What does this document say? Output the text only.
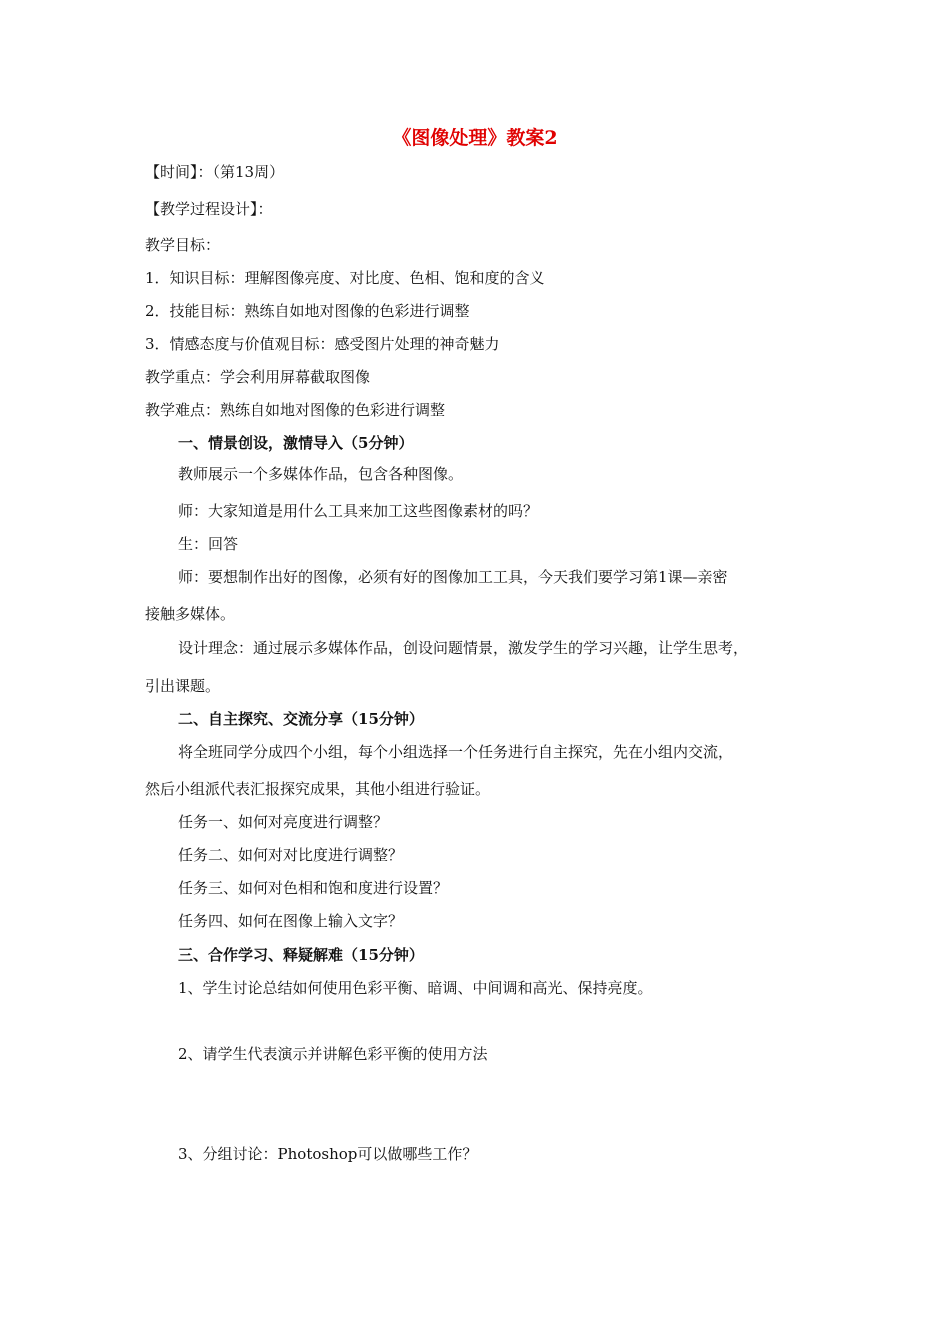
《图像处理》教案2
【时间】：（第13周）
【教学过程设计】：
教学目标：
1．知识目标：理解图像亮度、对比度、色相、饱和度的含义
2．技能目标：熟练自如地对图像的色彩进行调整
3．情感态度与价值观目标：感受图片处理的神奇魅力
教学重点：学会利用屏幕截取图像
教学难点：熟练自如地对图像的色彩进行调整
一、情景创设，激情导入（5分钟）
教师展示一个多媒体作品，包含各种图像。
师：大家知道是用什么工具来加工这些图像素材的吗？
生：回答
师：要想制作出好的图像，必须有好的图像加工工具，今天我们要学习第1课—亲密
接触多媒体。
设计理念：通过展示多媒体作品，创设问题情景，激发学生的学习兴趣，让学生思考，
引出课题。
二、自主探究、交流分享（15分钟）
将全班同学分成四个小组，每个小组选择一个任务进行自主探究，先在小组内交流，
然后小组派代表汇报探究成果，其他小组进行验证。
任务一、如何对亮度进行调整？
任务二、如何对对比度进行调整？
任务三、如何对色相和饱和度进行设置？
任务四、如何在图像上输入文字？
三、合作学习、释疑解难（15分钟）
1、学生讨论总结如何使用色彩平衡、暗调、中间调和高光、保持亮度。
2、请学生代表演示并讲解色彩平衡的使用方法
3、分组讨论：Photoshop可以做哪些工作？
